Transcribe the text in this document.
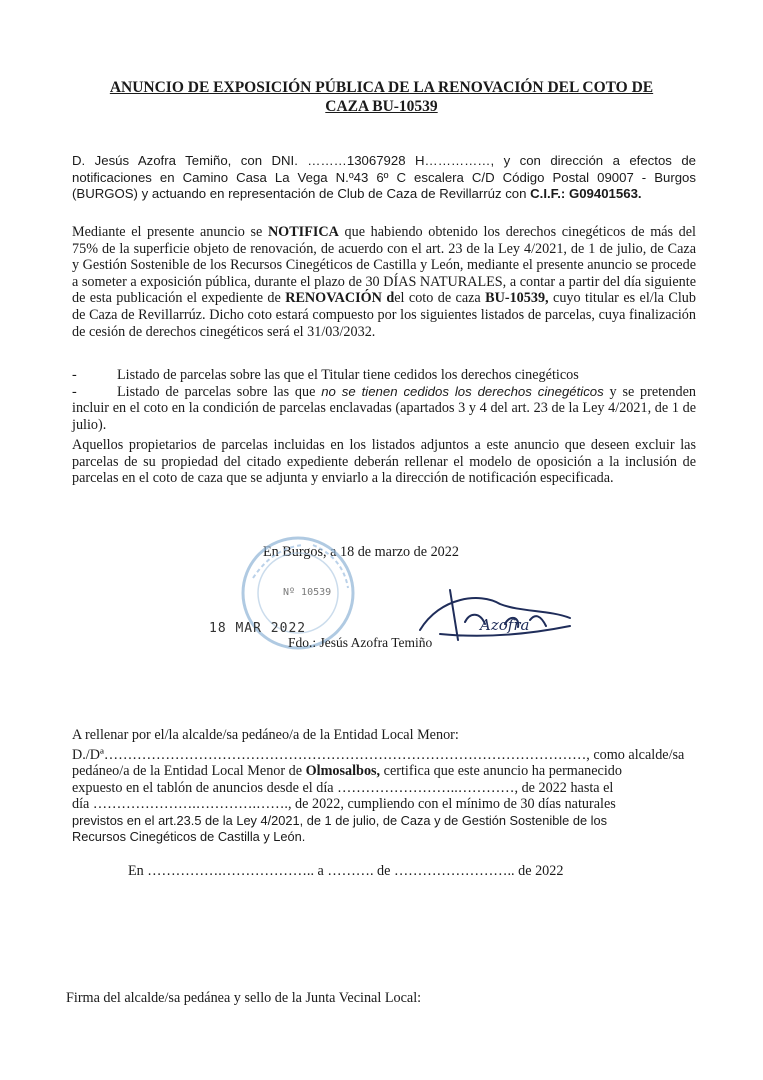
ANUNCIO DE EXPOSICIÓN PÚBLICA DE LA RENOVACIÓN DEL COTO DE
CAZA BU-10539
D. Jesús Azofra Temiño, con DNI. ………13067928 H……………, y con dirección a efectos de notificaciones en Camino Casa La Vega N.º43 6º C escalera C/D Código Postal 09007 - Burgos (BURGOS) y actuando en representación de Club de Caza de Revillarrúz con C.I.F.: G09401563.
Mediante el presente anuncio se NOTIFICA que habiendo obtenido los derechos cinegéticos de más del 75% de la superficie objeto de renovación, de acuerdo con el art. 23 de la Ley 4/2021, de 1 de julio, de Caza y Gestión Sostenible de los Recursos Cinegéticos de Castilla y León, mediante el presente anuncio se procede a someter a exposición pública, durante el plazo de 30 DÍAS NATURALES, a contar a partir del día siguiente de esta publicación el expediente de RENOVACIÓN del coto de caza BU-10539, cuyo titular es el/la Club de Caza de Revillarrúz. Dicho coto estará compuesto por los siguientes listados de parcelas, cuya finalización de cesión de derechos cinegéticos será el 31/03/2032.
-	Listado de parcelas sobre las que el Titular tiene cedidos los derechos cinegéticos
-	Listado de parcelas sobre las que no se tienen cedidos los derechos cinegéticos y se pretenden incluir en el coto en la condición de parcelas enclavadas (apartados 3 y 4 del art. 23 de la Ley 4/2021, de 1 de julio).
Aquellos propietarios de parcelas incluidas en los listados adjuntos a este anuncio que deseen excluir las parcelas de su propiedad del citado expediente deberán rellenar el modelo de oposición a la inclusión de parcelas en el coto de caza que se adjunta y enviarlo a la dirección de notificación especificada.
En Burgos, a 18 de marzo de 2022
Nº 10539
18 MAR 2022	Azofra
Fdo.: Jesús Azofra Temiño
A rellenar por el/la alcalde/sa pedáneo/a de la Entidad Local Menor:
D./Dª…………………………………………………………………………………………, como alcalde/sa
pedáneo/a de la Entidad Local Menor de Olmosalbos, certifica que este anuncio ha permanecido
expuesto en el tablón de anuncios desde el día ……………………..…………, de 2022 hasta el
día ………………….………….……., de 2022, cumpliendo con el mínimo de 30 días naturales
previstos en el art.23.5 de la Ley 4/2021, de 1 de julio, de Caza y de Gestión Sostenible de los
Recursos Cinegéticos de Castilla y León.
En …………….……………….. a ………. de …………………….. de 2022
Firma del alcalde/sa pedánea y sello de la Junta Vecinal Local:
